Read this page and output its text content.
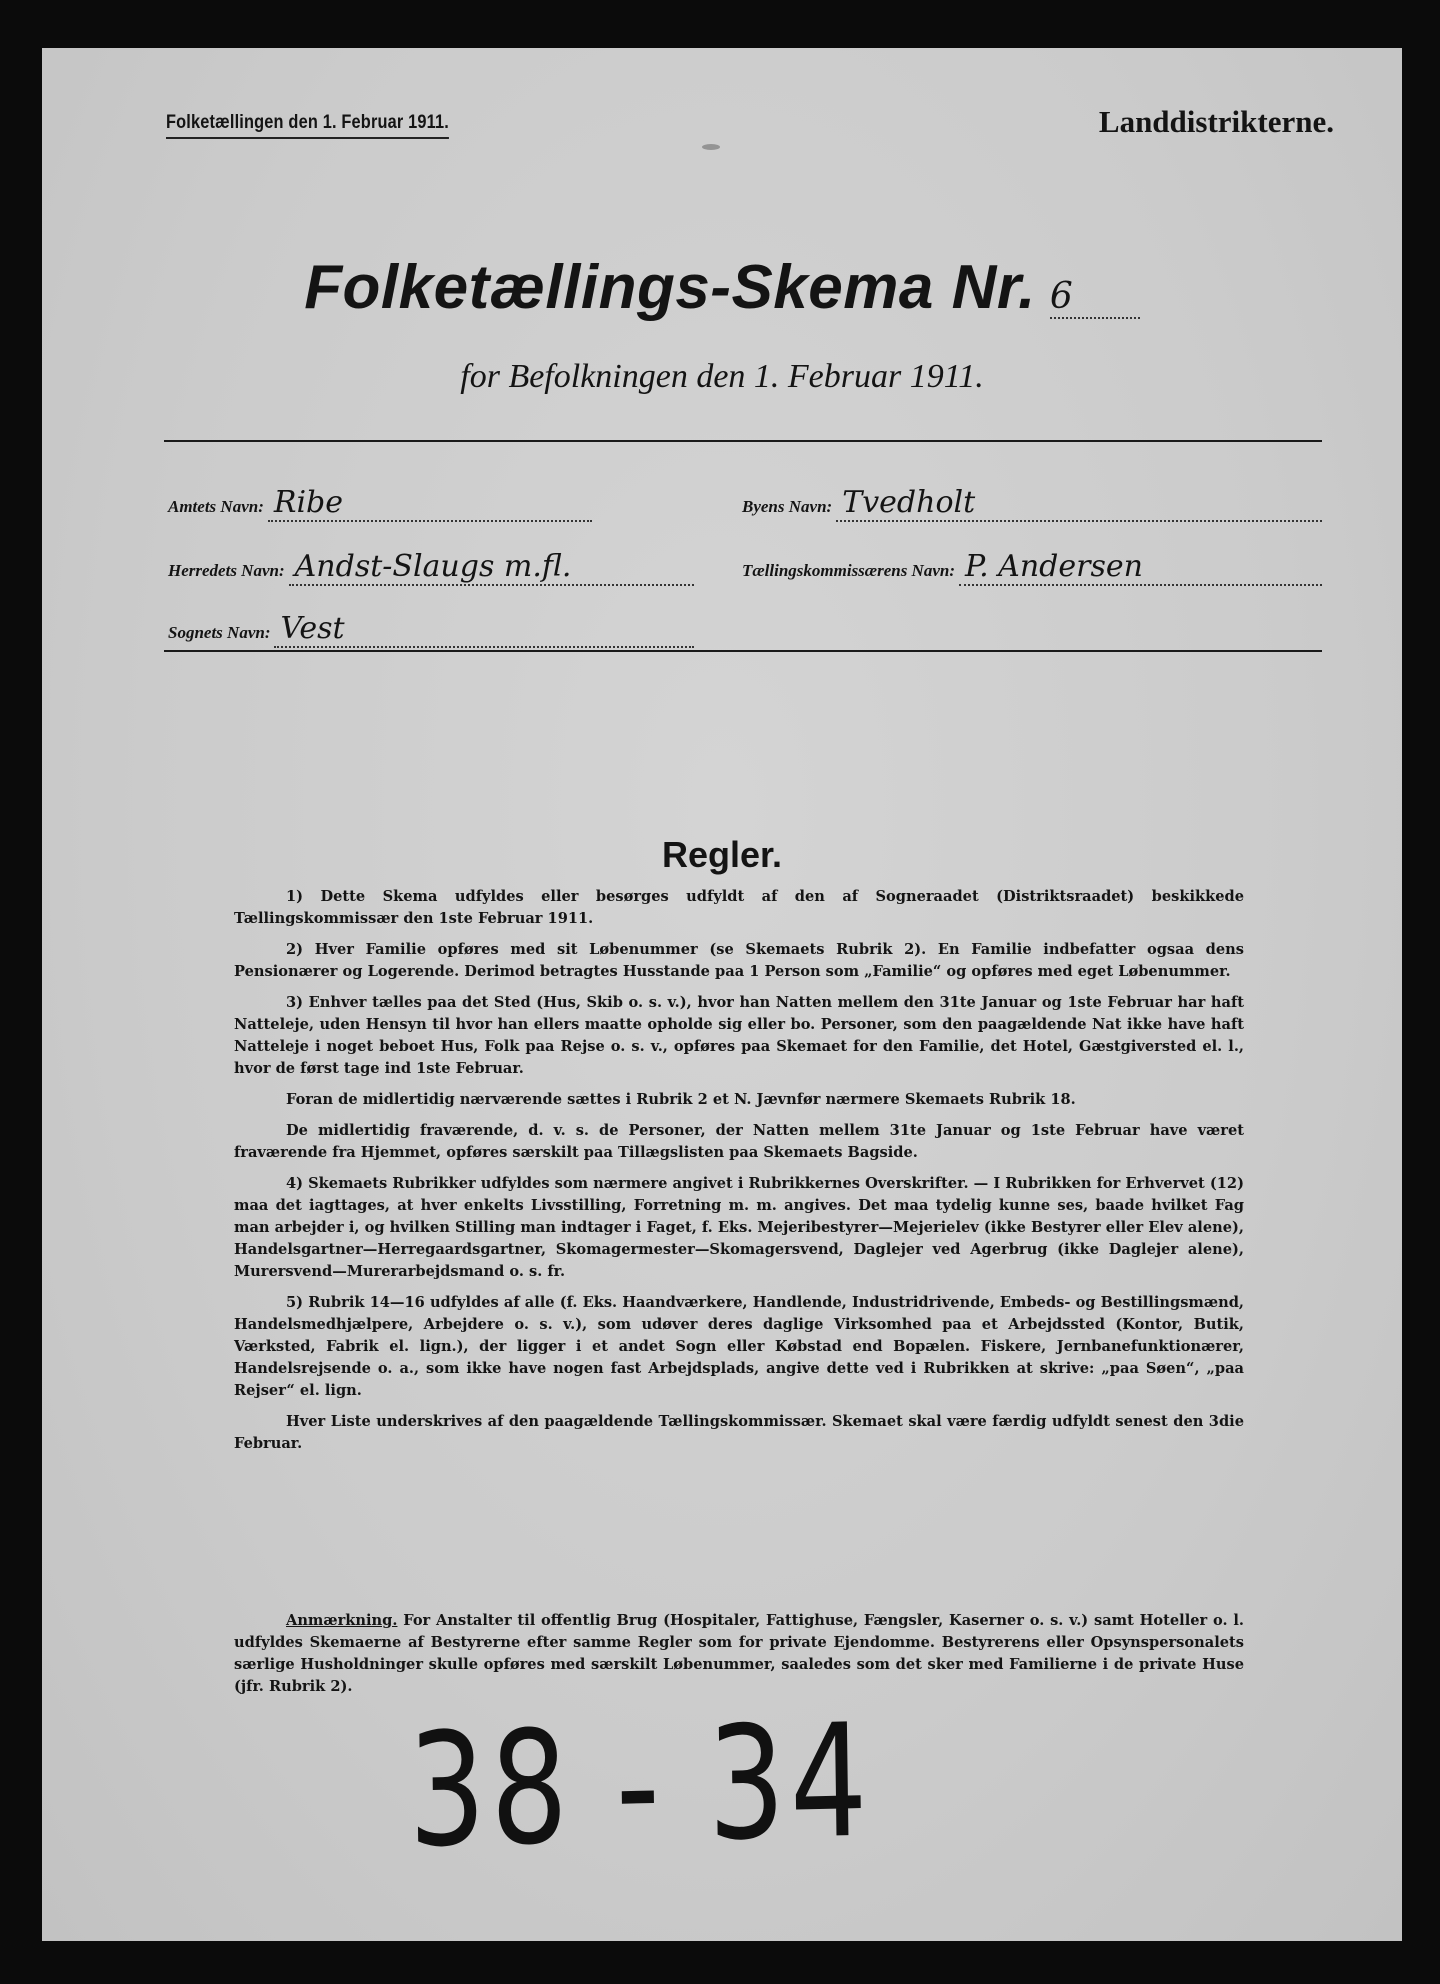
Folketællingen den 1. Februar 1911.	Landdistrikterne.
Folketællings-Skema Nr. 6
for Befolkningen den 1. Februar 1911.
Amtets Navn: Ribe	Byens Navn: Tvedholt
Herredets Navn: Andst-Slaugs m.fl.	Tællingskommissærens Navn: P. Andersen
Sognets Navn: Vest
Regler.

1) Dette Skema udfyldes eller besørges udfyldt af den af Sogneraadet (Distriktsraadet) beskikkede Tællingskommissær den 1ste Februar 1911.

2) Hver Familie opføres med sit Løbenummer (se Skemaets Rubrik 2). En Familie indbefatter ogsaa dens Pensionærer og Logerende. Derimod betragtes Husstande paa 1 Person som „Familie“ og opføres med eget Løbenummer.

3) Enhver tælles paa det Sted (Hus, Skib o. s. v.), hvor han Natten mellem den 31te Januar og 1ste Februar har haft Natteleje, uden Hensyn til hvor han ellers maatte opholde sig eller bo. Personer, som den paagældende Nat ikke have haft Natteleje i noget beboet Hus, Folk paa Rejse o. s. v., opføres paa Skemaet for den Familie, det Hotel, Gæstgiversted el. l., hvor de først tage ind 1ste Februar.

Foran de midlertidig nærværende sættes i Rubrik 2 et N. Jævnfør nærmere Skemaets Rubrik 18.

De midlertidig fraværende, d. v. s. de Personer, der Natten mellem 31te Januar og 1ste Februar have været fraværende fra Hjemmet, opføres særskilt paa Tillægslisten paa Skemaets Bagside.

4) Skemaets Rubrikker udfyldes som nærmere angivet i Rubrikkernes Overskrifter. — I Rubrikken for Erhvervet (12) maa det iagttages, at hver enkelts Livsstilling, Forretning m. m. angives. Det maa tydelig kunne ses, baade hvilket Fag man arbejder i, og hvilken Stilling man indtager i Faget, f. Eks. Mejeribestyrer—Mejerielev (ikke Bestyrer eller Elev alene), Handelsgartner—Herregaardsgartner, Skomagermester—Skomagersvend, Daglejer ved Agerbrug (ikke Daglejer alene), Murersvend—Murerarbejdsmand o. s. fr.

5) Rubrik 14—16 udfyldes af alle (f. Eks. Haandværkere, Handlende, Industridrivende, Embeds- og Bestillingsmænd, Handelsmedhjælpere, Arbejdere o. s. v.), som udøver deres daglige Virksomhed paa et Arbejdssted (Kontor, Butik, Værksted, Fabrik el. lign.), der ligger i et andet Sogn eller Købstad end Bopælen. Fiskere, Jernbanefunktionærer, Handelsrejsende o. a., som ikke have nogen fast Arbejdsplads, angive dette ved i Rubrikken at skrive: „paa Søen“, „paa Rejser“ el. lign.

Hver Liste underskrives af den paagældende Tællingskommissær. Skemaet skal være færdig udfyldt senest den 3die Februar.

Anmærkning. For Anstalter til offentlig Brug (Hospitaler, Fattighuse, Fængsler, Kaserner o. s. v.) samt Hoteller o. l. udfyldes Skemaerne af Bestyrerne efter samme Regler som for private Ejendomme. Bestyrerens eller Opsynspersonalets særlige Husholdninger skulle opføres med særskilt Løbenummer, saaledes som det sker med Familierne i de private Huse (jfr. Rubrik 2).
38 - 34
